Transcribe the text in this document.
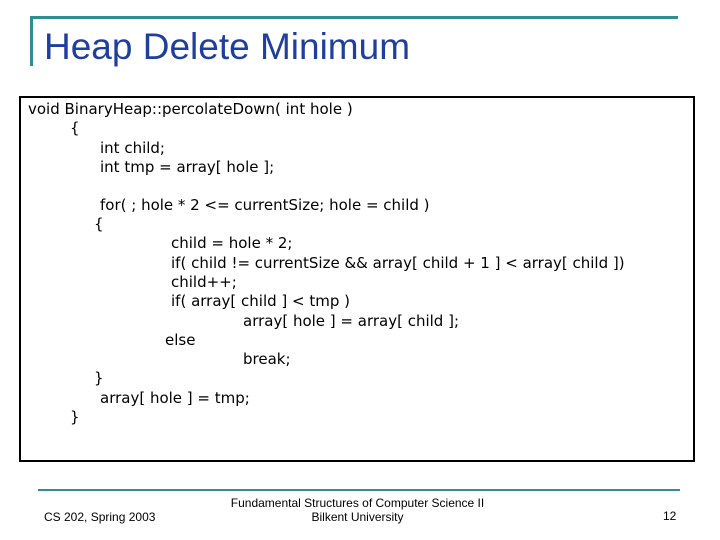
Heap Delete Minimum
void BinaryHeap::percolateDown( int hole )
{
int child;
int tmp = array[ hole ];
for( ; hole * 2 <= currentSize; hole = child )
{
child = hole * 2;
if( child != currentSize && array[ child + 1 ] < array[ child ])
child++;
if( array[ child ] < tmp )
array[ hole ] = array[ child ];
else
break;
}
array[ hole ] = tmp;
}
CS 202, Spring 2003
Fundamental Structures of Computer Science II
Bilkent University	12
